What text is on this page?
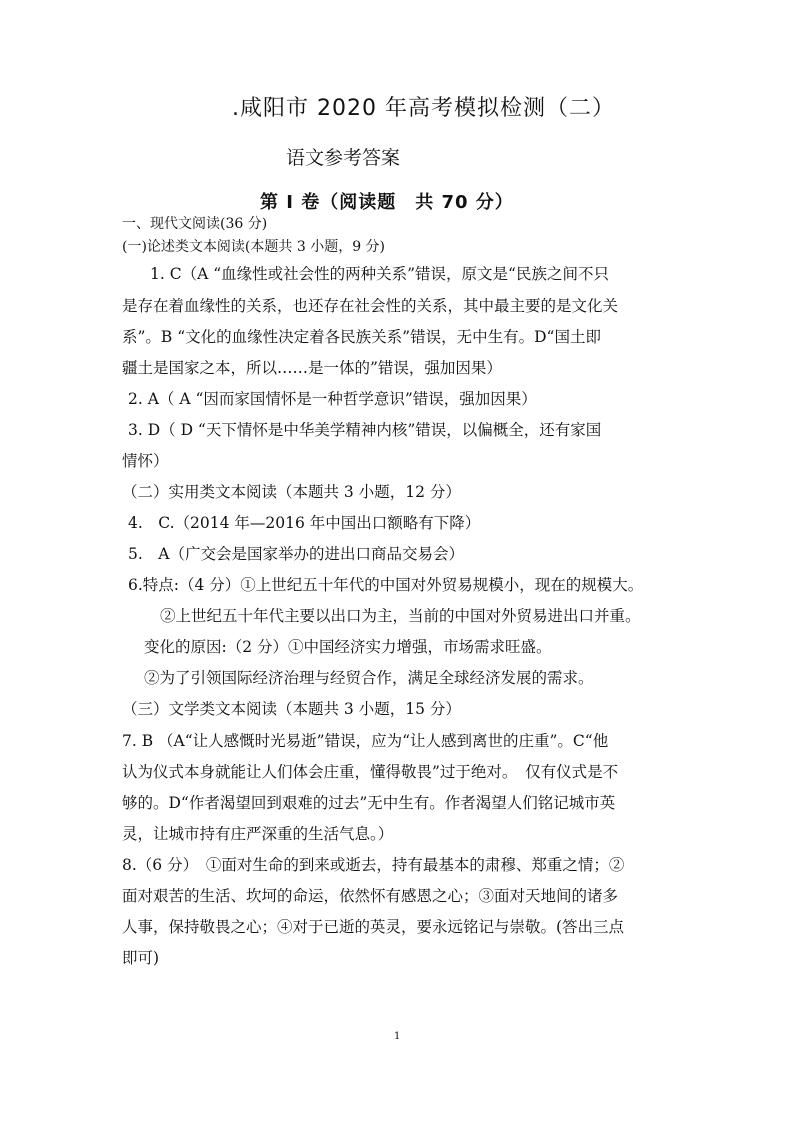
.咸阳市 2020 年高考模拟检测（二）
语文参考答案
第 I 卷（阅读题　共 70 分）
一、现代文阅读(36 分)
(一)论述类文本阅读(本题共 3 小题，9 分)
1. C（A “血缘性或社会性的两种关系”错误，原文是“民族之间不只
是存在着血缘性的关系，也还存在社会性的关系，其中最主要的是文化关
系”。B “文化的血缘性决定着各民族关系”错误，无中生有。D“国土即
疆土是国家之本，所以……是一体的”错误，强加因果）
2. A（ A “因而家国情怀是一种哲学意识”错误，强加因果）
3. D（ D “天下情怀是中华美学精神内核”错误，以偏概全，还有家国
情怀）
（二）实用类文本阅读（本题共 3 小题，12 分）
4.　C.（2014 年—2016 年中国出口额略有下降）
5.　A（广交会是国家举办的进出口商品交易会）
6.特点:（4 分）①上世纪五十年代的中国对外贸易规模小，现在的规模大。
②上世纪五十年代主要以出口为主，当前的中国对外贸易进出口并重。
变化的原因:（2 分）①中国经济实力增强，市场需求旺盛。
②为了引领国际经济治理与经贸合作，满足全球经济发展的需求。
（三）文学类文本阅读（本题共 3 小题，15 分）
7. B （A“让人感慨时光易逝”错误，应为“让人感到离世的庄重”。C“他
认为仪式本身就能让人们体会庄重，懂得敬畏”过于绝对。　仅有仪式是不
够的。D“作者渴望回到艰难的过去”无中生有。作者渴望人们铭记城市英
灵，让城市持有庄严深重的生活气息。）
8.（6 分）　①面对生命的到来或逝去，持有最基本的肃穆、郑重之情；②
面对艰苦的生活、坎坷的命运，依然怀有感恩之心；③面对天地间的诸多
人事，保持敬畏之心；④对于已逝的英灵，要永远铭记与崇敬。(答出三点
即可)
1
